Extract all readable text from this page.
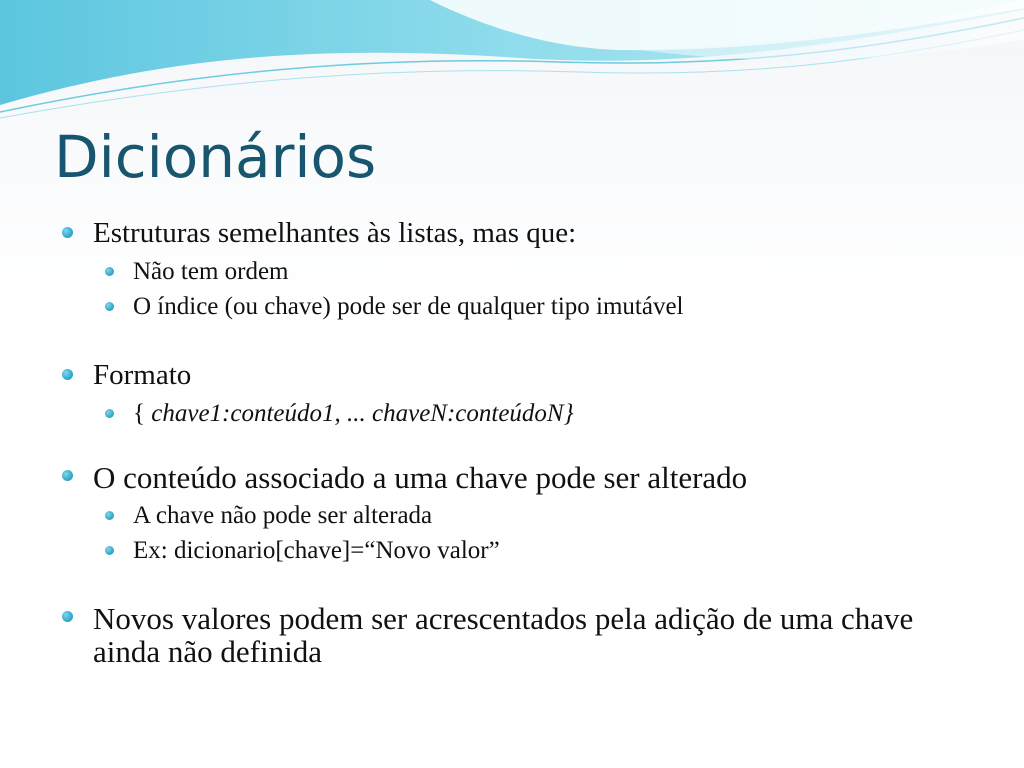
Dicionários
Estruturas semelhantes às listas, mas que:
Não tem ordem
O índice (ou chave) pode ser de qualquer tipo imutável
Formato
{ chave1:conteúdo1, ... chaveN:conteúdoN}
O conteúdo associado a uma chave pode ser alterado
A chave não pode ser alterada
Ex: dicionario[chave]=“Novo valor”
Novos valores podem ser acrescentados pela adição de uma chave ainda não definida
